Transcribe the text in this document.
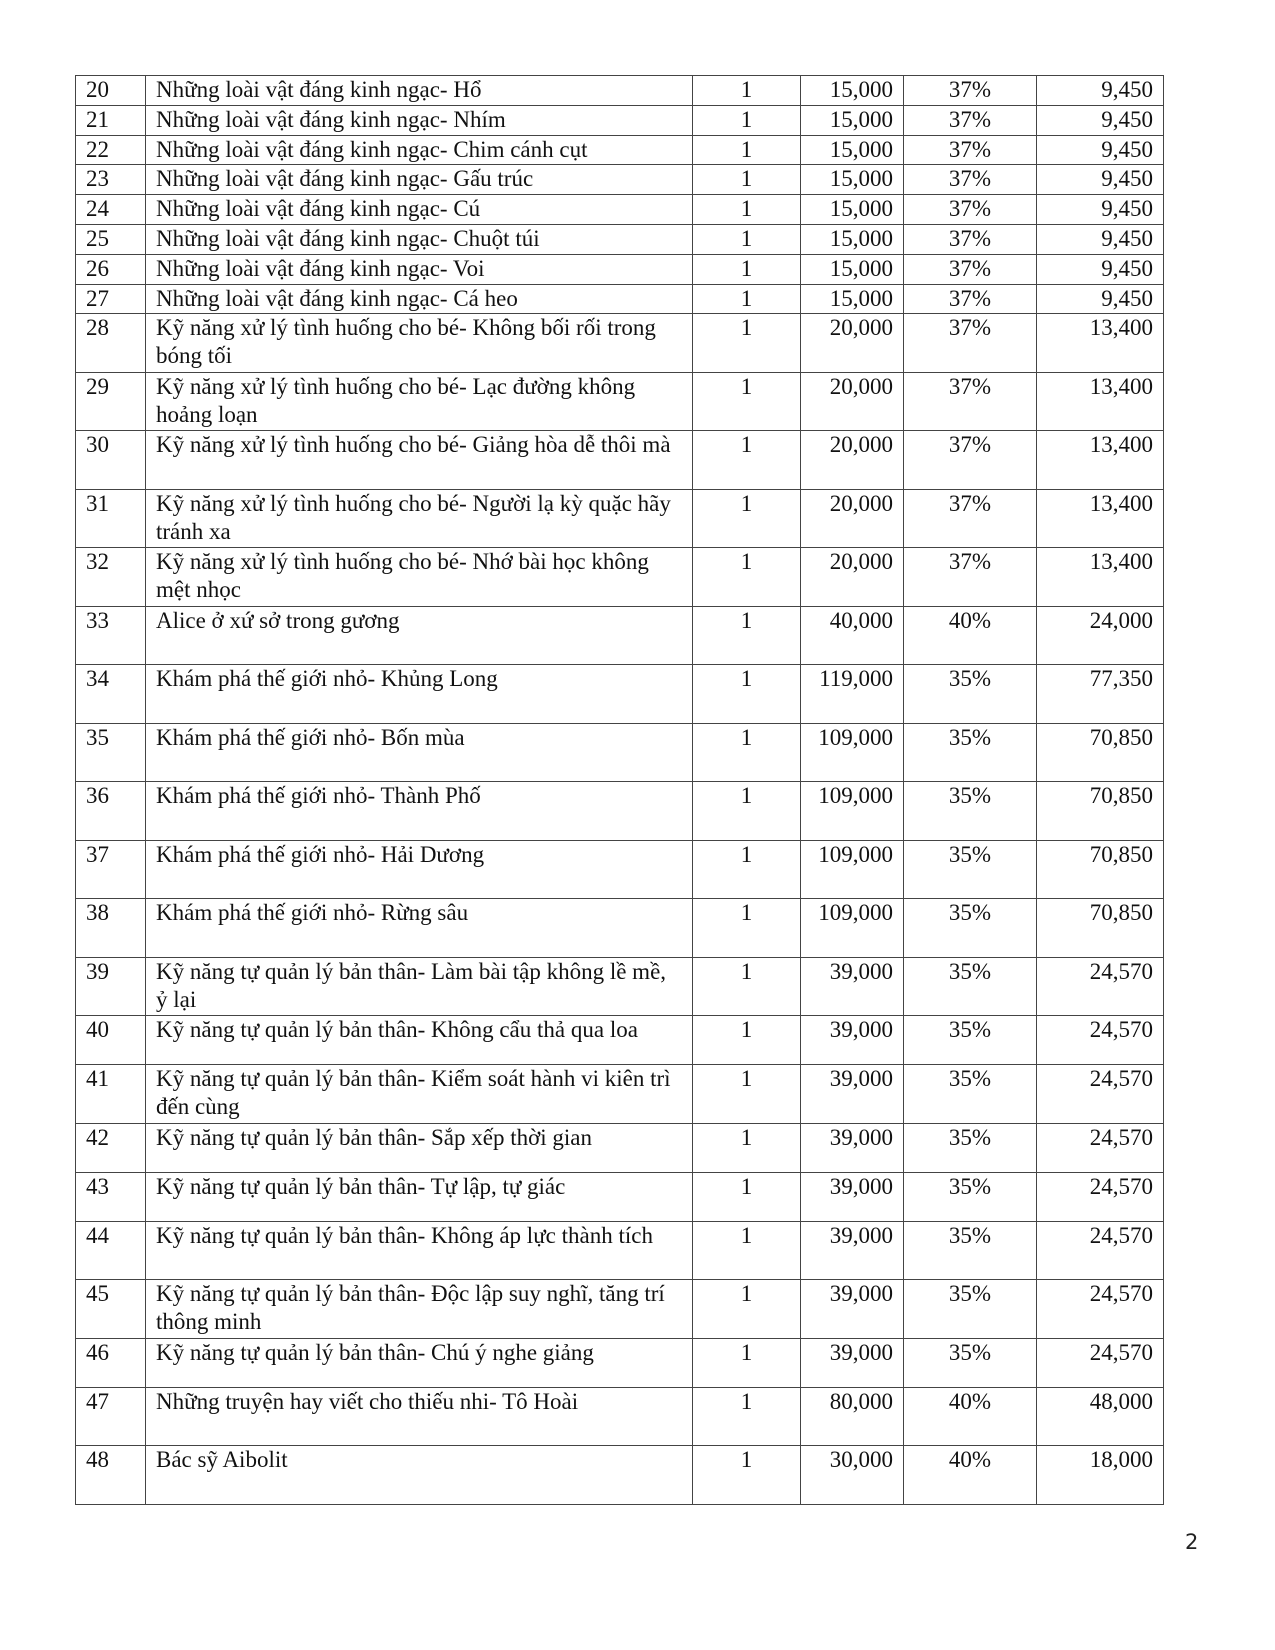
20	Những loài vật đáng kinh ngạc- Hổ	1	15,000	37%	9,450
21	Những loài vật đáng kinh ngạc- Nhím	1	15,000	37%	9,450
22	Những loài vật đáng kinh ngạc- Chim cánh cụt	1	15,000	37%	9,450
23	Những loài vật đáng kinh ngạc- Gấu trúc	1	15,000	37%	9,450
24	Những loài vật đáng kinh ngạc- Cú	1	15,000	37%	9,450
25	Những loài vật đáng kinh ngạc- Chuột túi	1	15,000	37%	9,450
26	Những loài vật đáng kinh ngạc- Voi	1	15,000	37%	9,450
27	Những loài vật đáng kinh ngạc- Cá heo	1	15,000	37%	9,450
28	Kỹ năng xử lý tình huống cho bé- Không bối rối trong bóng tối	1	20,000	37%	13,400
29	Kỹ năng xử lý tình huống cho bé- Lạc đường không hoảng loạn	1	20,000	37%	13,400
30	Kỹ năng xử lý tình huống cho bé- Giảng hòa dễ thôi mà	1	20,000	37%	13,400
31	Kỹ năng xử lý tình huống cho bé- Người lạ kỳ quặc hãy tránh xa	1	20,000	37%	13,400
32	Kỹ năng xử lý tình huống cho bé- Nhớ bài học không mệt nhọc	1	20,000	37%	13,400
33	Alice ở xứ sở trong gương	1	40,000	40%	24,000
34	Khám phá thế giới nhỏ- Khủng Long	1	119,000	35%	77,350
35	Khám phá thế giới nhỏ- Bốn mùa	1	109,000	35%	70,850
36	Khám phá thế giới nhỏ- Thành Phố	1	109,000	35%	70,850
37	Khám phá thế giới nhỏ- Hải Dương	1	109,000	35%	70,850
38	Khám phá thế giới nhỏ- Rừng sâu	1	109,000	35%	70,850
39	Kỹ năng tự quản lý bản thân- Làm bài tập không lề mề, ỷ lại	1	39,000	35%	24,570
40	Kỹ năng tự quản lý bản thân- Không cẩu thả qua loa	1	39,000	35%	24,570
41	Kỹ năng tự quản lý bản thân- Kiểm soát hành vi kiên trì đến cùng	1	39,000	35%	24,570
42	Kỹ năng tự quản lý bản thân- Sắp xếp thời gian	1	39,000	35%	24,570
43	Kỹ năng tự quản lý bản thân- Tự lập, tự giác	1	39,000	35%	24,570
44	Kỹ năng tự quản lý bản thân- Không áp lực thành tích	1	39,000	35%	24,570
45	Kỹ năng tự quản lý bản thân- Độc lập suy nghĩ, tăng trí thông minh	1	39,000	35%	24,570
46	Kỹ năng tự quản lý bản thân- Chú ý nghe giảng	1	39,000	35%	24,570
47	Những truyện hay viết cho thiếu nhi- Tô Hoài	1	80,000	40%	48,000
48	Bác sỹ Aibolit	1	30,000	40%	18,000
2
